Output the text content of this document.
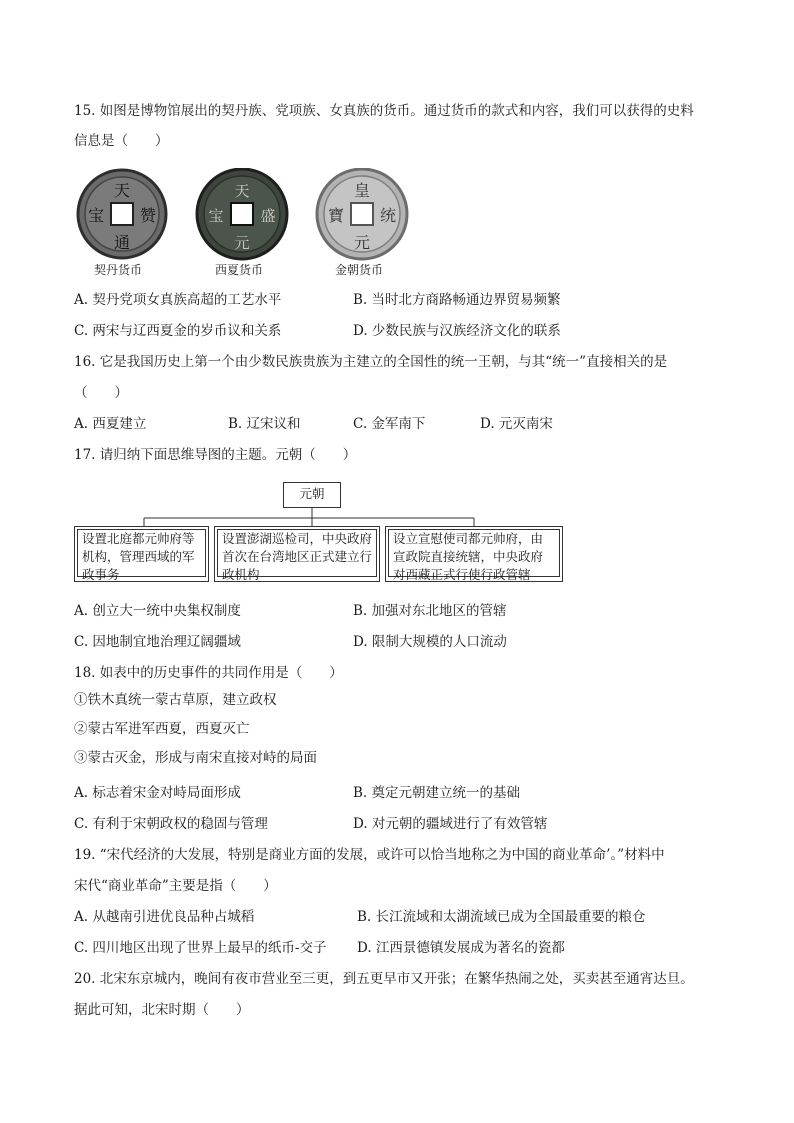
15. 如图是博物馆展出的契丹族、党项族、女真族的货币。通过货币的款式和内容，我们可以获得的史料
信息是（　　）
天
通
宝 赞
契丹货币
天
元
宝 盛
西夏货币
皇
元
寶 统
金朝货币
A. 契丹党项女真族高超的工艺水平	B. 当时北方商路畅通边界贸易频繁
C. 两宋与辽西夏金的岁币议和关系	D. 少数民族与汉族经济文化的联系
16. 它是我国历史上第一个由少数民族贵族为主建立的全国性的统一王朝，与其“统一”直接相关的是
（　　）
A. 西夏建立	B. 辽宋议和	C. 金军南下	D. 元灭南宋
17. 请归纳下面思维导图的主题。元朝（　　）
元朝
设置北庭都元帅府等机构，管理西域的军政事务
设置澎湖巡检司，中央政府首次在台湾地区正式建立行政机构
设立宣慰使司都元帅府，由宣政院直接统辖，中央政府对西藏正式行使行政管辖
A. 创立大一统中央集权制度	B. 加强对东北地区的管辖
C. 因地制宜地治理辽阔疆域	D. 限制大规模的人口流动
18. 如表中的历史事件的共同作用是（　　）
①铁木真统一蒙古草原，建立政权
②蒙古军进军西夏，西夏灭亡
③蒙古灭金，形成与南宋直接对峙的局面
A. 标志着宋金对峙局面形成	B. 奠定元朝建立统一的基础
C. 有利于宋朝政权的稳固与管理	D. 对元朝的疆域进行了有效管辖
19. “宋代经济的大发展，特别是商业方面的发展，或许可以恰当地称之为中国的商业革命’。”材料中
宋代“商业革命”主要是指（　　）
A. 从越南引进优良品种占城稻	B. 长江流域和太湖流域已成为全国最重要的粮仓
C. 四川地区出现了世界上最早的纸币-交子 D. 江西景德镇发展成为著名的瓷都
20. 北宋东京城内，晚间有夜市营业至三更，到五更早市又开张；在繁华热闹之处，买卖甚至通宵达旦。
据此可知，北宋时期（　　）
